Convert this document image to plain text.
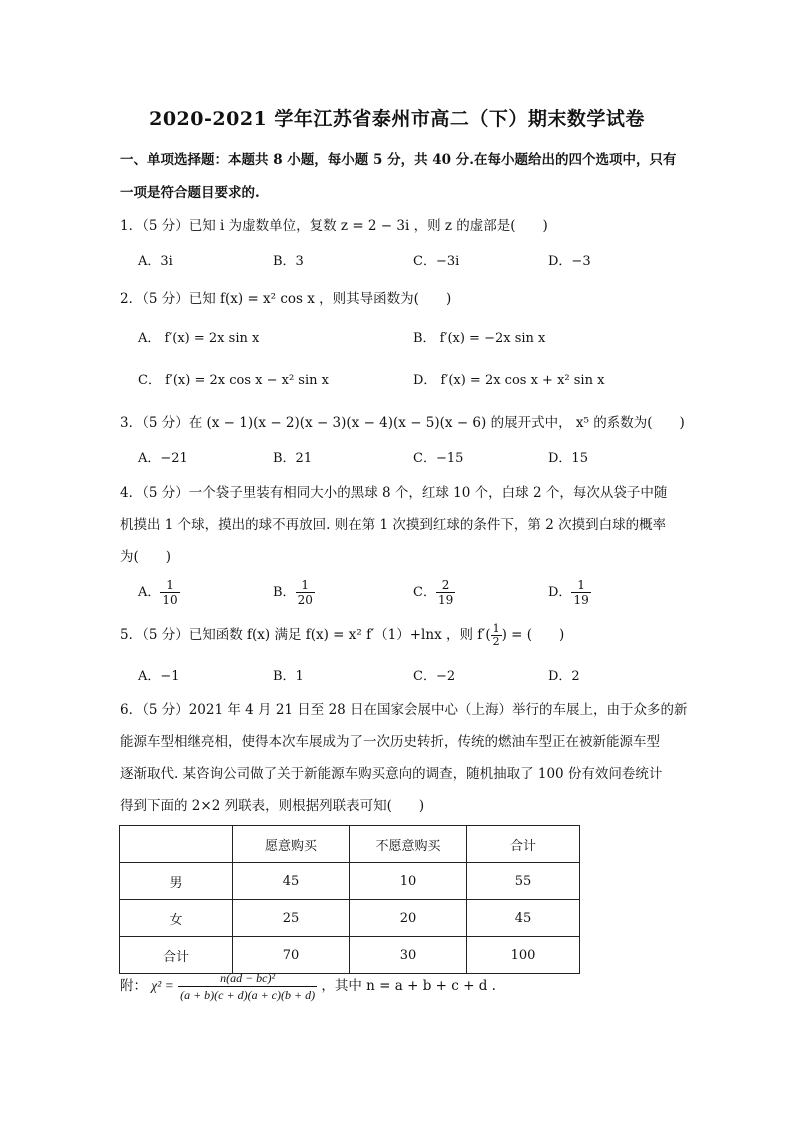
2020-2021 学年江苏省泰州市高二（下）期末数学试卷
一、单项选择题：本题共 8 小题，每小题 5 分，共 40 分.在每小题给出的四个选项中，只有
一项是符合题目要求的.
1．（5 分）已知 i 为虚数单位，复数 z = 2 − 3i ，则 z 的虚部是(　　)
A．3i	B．3	C．−3i	D．−3
2．（5 分）已知 f(x) = x² cos x ，则其导函数为(　　)
A． f′(x) = 2x sin x	B． f′(x) = −2x sin x
C． f′(x) = 2x cos x − x² sin x	D． f′(x) = 2x cos x + x² sin x
3．（5 分）在 (x − 1)(x − 2)(x − 3)(x − 4)(x − 5)(x − 6) 的展开式中， x⁵ 的系数为(　　)
A．−21	B．21	C．−15	D．15
4．（5 分）一个袋子里装有相同大小的黑球 8 个，红球 10 个，白球 2 个，每次从袋子中随
机摸出 1 个球，摸出的球不再放回. 则在第 1 次摸到红球的条件下，第 2 次摸到白球的概率
为(　　)
A． $\frac{1}{10}$	B． $\frac{1}{20}$	C． $\frac{2}{19}$	D． $\frac{1}{19}$
5．（5 分）已知函数 f(x) 满足 f(x) = x² f′（1）+lnx ，则 $f'( \frac{1}{2}$ ) = (　　)
A．−1	B．1	C．−2	D．2
6．（5 分）2021 年 4 月 21 日至 28 日在国家会展中心（上海）举行的车展上，由于众多的新
能源车型相继亮相，使得本次车展成为了一次历史转折，传统的燃油车型正在被新能源车型
逐渐取代. 某咨询公司做了关于新能源车购买意向的调查，随机抽取了 100 份有效问卷统计
得到下面的 2×2 列联表，则根据列联表可知(　　)
	愿意购买	不愿意购买	合计
男	45	10	55
女	25	20	45
合计	70	30	100
附： $\chi^2 = \frac{\text{n(ad − bc)²}}{(a + b)(c + d)(a + c)(b + d)}$ ，其中 n = a + b + c + d .
